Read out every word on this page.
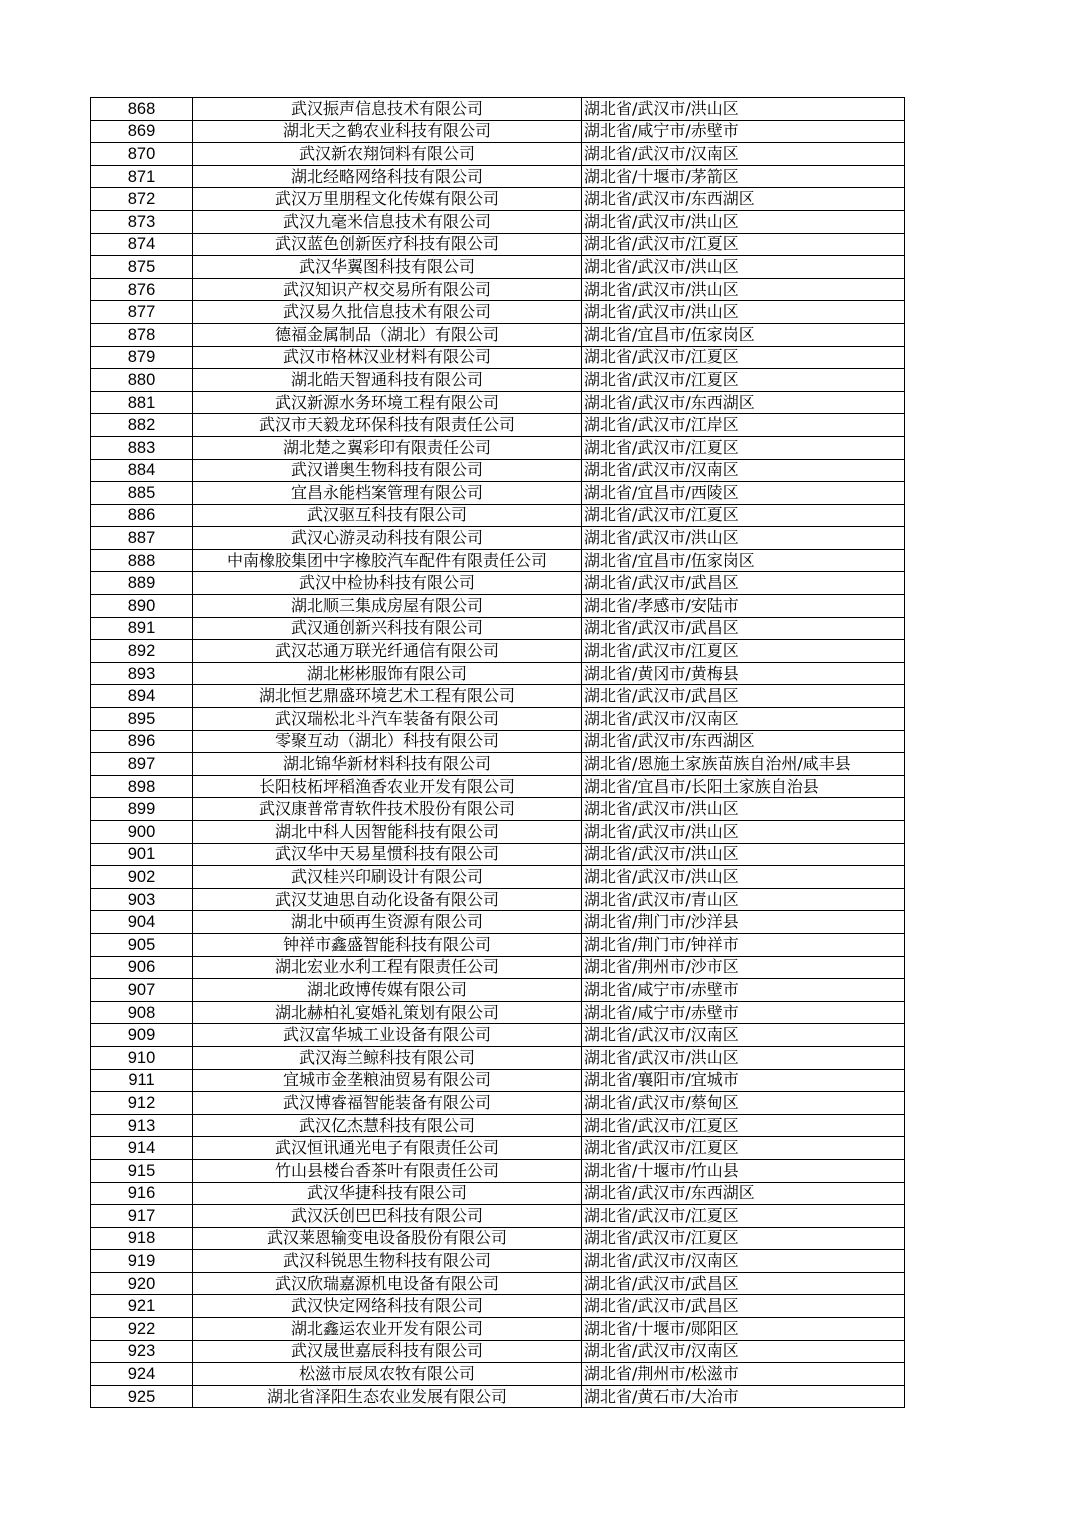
868	武汉振声信息技术有限公司	湖北省/武汉市/洪山区
869	湖北天之鹤农业科技有限公司	湖北省/咸宁市/赤壁市
870	武汉新农翔饲料有限公司	湖北省/武汉市/汉南区
871	湖北经略网络科技有限公司	湖北省/十堰市/茅箭区
872	武汉万里朋程文化传媒有限公司	湖北省/武汉市/东西湖区
873	武汉九毫米信息技术有限公司	湖北省/武汉市/洪山区
874	武汉蓝色创新医疗科技有限公司	湖北省/武汉市/江夏区
875	武汉华翼图科技有限公司	湖北省/武汉市/洪山区
876	武汉知识产权交易所有限公司	湖北省/武汉市/洪山区
877	武汉易久批信息技术有限公司	湖北省/武汉市/洪山区
878	德福金属制品（湖北）有限公司	湖北省/宜昌市/伍家岗区
879	武汉市格林汉业材料有限公司	湖北省/武汉市/江夏区
880	湖北皓天智通科技有限公司	湖北省/武汉市/江夏区
881	武汉新源水务环境工程有限公司	湖北省/武汉市/东西湖区
882	武汉市天毅龙环保科技有限责任公司	湖北省/武汉市/江岸区
883	湖北楚之翼彩印有限责任公司	湖北省/武汉市/江夏区
884	武汉谱奥生物科技有限公司	湖北省/武汉市/汉南区
885	宜昌永能档案管理有限公司	湖北省/宜昌市/西陵区
886	武汉驱互科技有限公司	湖北省/武汉市/江夏区
887	武汉心游灵动科技有限公司	湖北省/武汉市/洪山区
888	中南橡胶集团中字橡胶汽车配件有限责任公司	湖北省/宜昌市/伍家岗区
889	武汉中检协科技有限公司	湖北省/武汉市/武昌区
890	湖北顺三集成房屋有限公司	湖北省/孝感市/安陆市
891	武汉通创新兴科技有限公司	湖北省/武汉市/武昌区
892	武汉芯通万联光纤通信有限公司	湖北省/武汉市/江夏区
893	湖北彬彬服饰有限公司	湖北省/黄冈市/黄梅县
894	湖北恒艺鼎盛环境艺术工程有限公司	湖北省/武汉市/武昌区
895	武汉瑞松北斗汽车装备有限公司	湖北省/武汉市/汉南区
896	零聚互动（湖北）科技有限公司	湖北省/武汉市/东西湖区
897	湖北锦华新材料科技有限公司	湖北省/恩施土家族苗族自治州/咸丰县
898	长阳枝柘坪稻渔香农业开发有限公司	湖北省/宜昌市/长阳土家族自治县
899	武汉康普常青软件技术股份有限公司	湖北省/武汉市/洪山区
900	湖北中科人因智能科技有限公司	湖北省/武汉市/洪山区
901	武汉华中天易星惯科技有限公司	湖北省/武汉市/洪山区
902	武汉桂兴印刷设计有限公司	湖北省/武汉市/洪山区
903	武汉艾迪思自动化设备有限公司	湖北省/武汉市/青山区
904	湖北中硕再生资源有限公司	湖北省/荆门市/沙洋县
905	钟祥市鑫盛智能科技有限公司	湖北省/荆门市/钟祥市
906	湖北宏业水利工程有限责任公司	湖北省/荆州市/沙市区
907	湖北政博传媒有限公司	湖北省/咸宁市/赤壁市
908	湖北赫柏礼宴婚礼策划有限公司	湖北省/咸宁市/赤壁市
909	武汉富华城工业设备有限公司	湖北省/武汉市/汉南区
910	武汉海兰鲸科技有限公司	湖北省/武汉市/洪山区
911	宜城市金垄粮油贸易有限公司	湖北省/襄阳市/宜城市
912	武汉博睿福智能装备有限公司	湖北省/武汉市/蔡甸区
913	武汉亿杰慧科技有限公司	湖北省/武汉市/江夏区
914	武汉恒讯通光电子有限责任公司	湖北省/武汉市/江夏区
915	竹山县楼台香茶叶有限责任公司	湖北省/十堰市/竹山县
916	武汉华捷科技有限公司	湖北省/武汉市/东西湖区
917	武汉沃创巴巴科技有限公司	湖北省/武汉市/江夏区
918	武汉莱恩输变电设备股份有限公司	湖北省/武汉市/江夏区
919	武汉科锐思生物科技有限公司	湖北省/武汉市/汉南区
920	武汉欣瑞嘉源机电设备有限公司	湖北省/武汉市/武昌区
921	武汉快定网络科技有限公司	湖北省/武汉市/武昌区
922	湖北鑫运农业开发有限公司	湖北省/十堰市/郧阳区
923	武汉晟世嘉辰科技有限公司	湖北省/武汉市/汉南区
924	松滋市辰凤农牧有限公司	湖北省/荆州市/松滋市
925	湖北省泽阳生态农业发展有限公司	湖北省/黄石市/大冶市
